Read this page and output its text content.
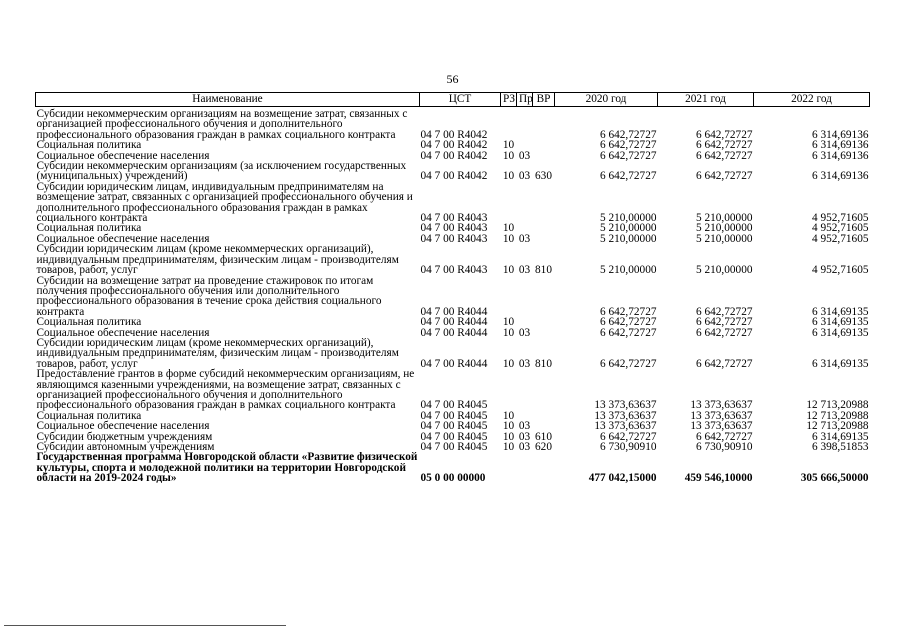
56
Наименование	ЦСТ	РЗ	Пр	ВР	2020 год	2021 год	2022 год
Субсидии некоммерческим организациям на возмещение затрат, связанных с организацией профессионального обучения и дополнительного профессионального образования граждан в рамках социального контракта	04 7 00 R4042				6 642,72727	6 642,72727	6 314,69136
Социальная политика	04 7 00 R4042	10			6 642,72727	6 642,72727	6 314,69136
Социальное обеспечение населения	04 7 00 R4042	10	03		6 642,72727	6 642,72727	6 314,69136
Субсидии некоммерческим организациям (за исключением государственных (муниципальных) учреждений)	04 7 00 R4042	10	03	630	6 642,72727	6 642,72727	6 314,69136
Субсидии юридическим лицам, индивидуальным предпринимателям на возмещение затрат, связанных с организацией профессионального обучения и дополнительного профессионального образования граждан в рамках социального контракта	04 7 00 R4043				5 210,00000	5 210,00000	4 952,71605
Социальная политика	04 7 00 R4043	10			5 210,00000	5 210,00000	4 952,71605
Социальное обеспечение населения	04 7 00 R4043	10	03		5 210,00000	5 210,00000	4 952,71605
Субсидии юридическим лицам (кроме некоммерческих организаций), индивидуальным предпринимателям, физическим лицам - производителям товаров, работ, услуг	04 7 00 R4043	10	03	810	5 210,00000	5 210,00000	4 952,71605
Субсидии на возмещение затрат на проведение стажировок по итогам получения профессионального обучения или дополнительного профессионального образования в течение срока действия социального контракта	04 7 00 R4044				6 642,72727	6 642,72727	6 314,69135
Социальная политика	04 7 00 R4044	10			6 642,72727	6 642,72727	6 314,69135
Социальное обеспечение населения	04 7 00 R4044	10	03		6 642,72727	6 642,72727	6 314,69135
Субсидии юридическим лицам (кроме некоммерческих организаций), индивидуальным предпринимателям, физическим лицам - производителям товаров, работ, услуг	04 7 00 R4044	10	03	810	6 642,72727	6 642,72727	6 314,69135
Предоставление грантов в форме субсидий некоммерческим организациям, не являющимся казенными учреждениями, на возмещение затрат, связанных с организацией профессионального обучения и дополнительного профессионального образования граждан в рамках социального контракта	04 7 00 R4045				13 373,63637	13 373,63637	12 713,20988
Социальная политика	04 7 00 R4045	10			13 373,63637	13 373,63637	12 713,20988
Социальное обеспечение населения	04 7 00 R4045	10	03		13 373,63637	13 373,63637	12 713,20988
Субсидии бюджетным учреждениям	04 7 00 R4045	10	03	610	6 642,72727	6 642,72727	6 314,69135
Субсидии автономным учреждениям	04 7 00 R4045	10	03	620	6 730,90910	6 730,90910	6 398,51853
Государственная программа Новгородской области «Развитие физической культуры, спорта и молодежной политики на территории Новгородской области на 2019-2024 годы»	05 0 00 00000				477 042,15000	459 546,10000	305 666,50000
